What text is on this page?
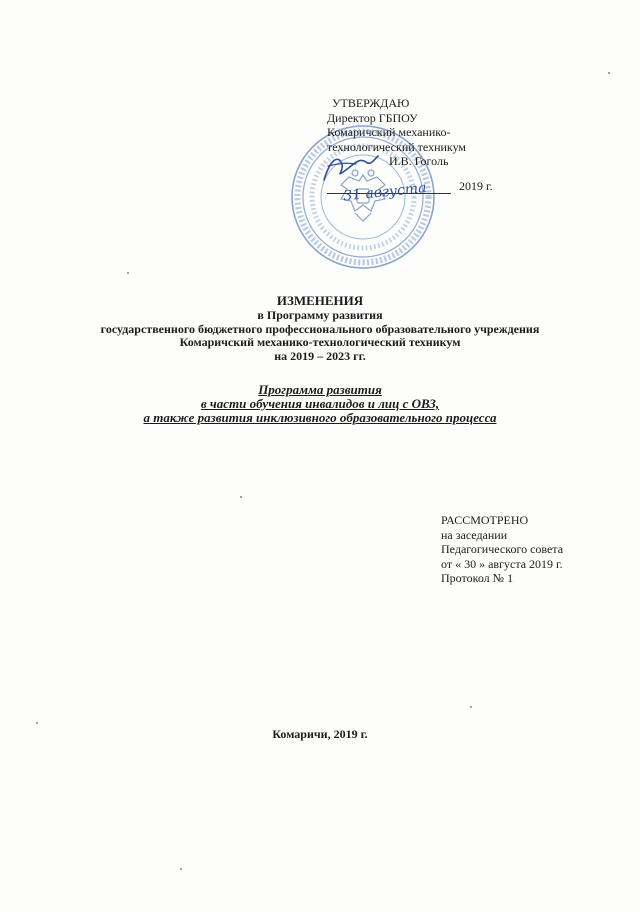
УТВЕРЖДАЮ
Директор ГБПОУ
Комаричский механико-
технологический техникум
И.В. Гоголь
2019 г.
31 августа
ИЗМЕНЕНИЯ
в Программу развития
государственного бюджетного профессионального образовательного учреждения
Комаричский механико-технологический техникум
на 2019 – 2023 гг.
Программа развития
в части обучения инвалидов и лиц с ОВЗ,
а также развития инклюзивного образовательного процесса
РАССМОТРЕНО
на заседании
Педагогического совета
от « 30 » августа 2019 г.
Протокол № 1
Комаричи, 2019 г.
